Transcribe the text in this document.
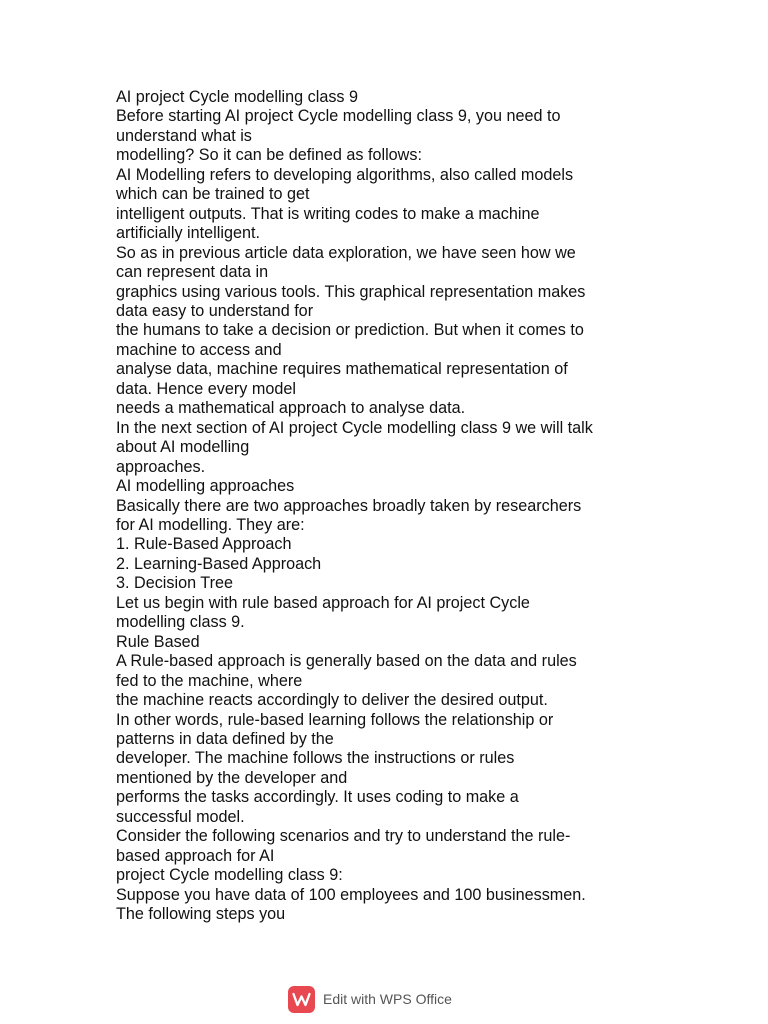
AI project Cycle modelling class 9
Before starting AI project Cycle modelling class 9, you need to
understand what is
modelling? So it can be defined as follows:
AI Modelling refers to developing algorithms, also called models
which can be trained to get
intelligent outputs. That is writing codes to make a machine
artificially intelligent.
So as in previous article data exploration, we have seen how we
can represent data in
graphics using various tools. This graphical representation makes
data easy to understand for
the humans to take a decision or prediction. But when it comes to
machine to access and
analyse data, machine requires mathematical representation of
data. Hence every model
needs a mathematical approach to analyse data.
In the next section of AI project Cycle modelling class 9 we will talk
about AI modelling
approaches.
AI modelling approaches
Basically there are two approaches broadly taken by researchers
for AI modelling. They are:
1. Rule-Based Approach
2. Learning-Based Approach
3. Decision Tree
Let us begin with rule based approach for AI project Cycle
modelling class 9.
Rule Based
A Rule-based approach is generally based on the data and rules
fed to the machine, where
the machine reacts accordingly to deliver the desired output.
In other words, rule-based learning follows the relationship or
patterns in data defined by the
developer. The machine follows the instructions or rules
mentioned by the developer and
performs the tasks accordingly. It uses coding to make a
successful model.
Consider the following scenarios and try to understand the rule-
based approach for AI
project Cycle modelling class 9:
Suppose you have data of 100 employees and 100 businessmen.
The following steps you
Edit with WPS Office
